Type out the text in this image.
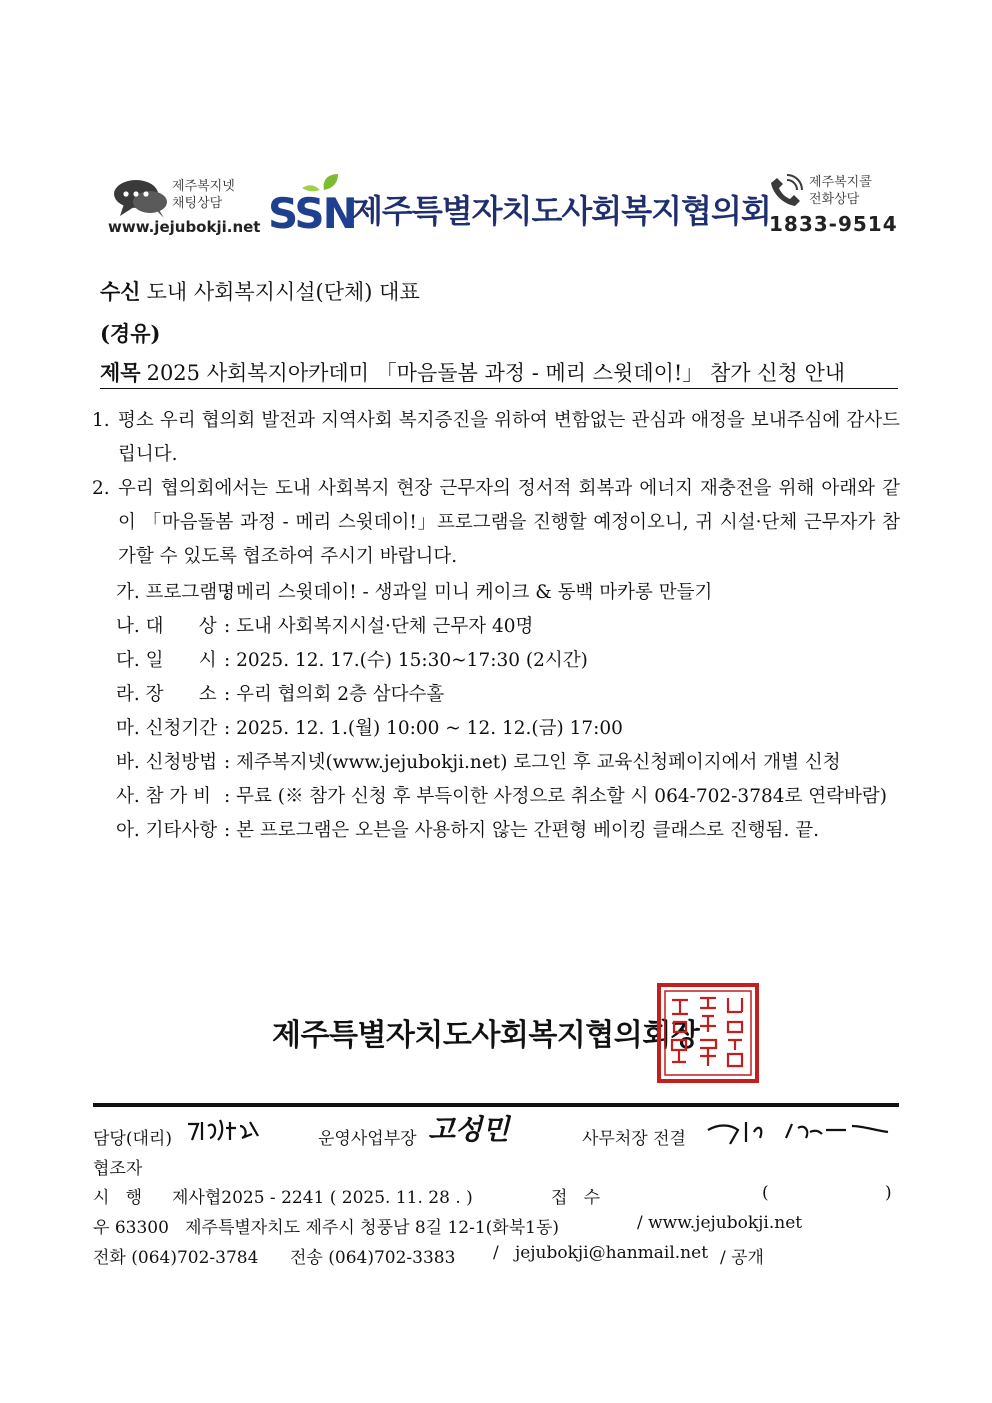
제주복지넷
채팅상담
www.jejubokji.net SSN
제주특별자치도사회복지협의회
제주복지콜
전화상담
1833-9514
수신 도내 사회복지시설(단체) 대표
(경유)
제목 2025 사회복지아카데미 「마음돌봄 과정 - 메리 스윗데이!」 참가 신청 안내
1. 평소 우리 협의회 발전과 지역사회 복지증진을 위하여 변함없는 관심과 애정을 보내주심에 감사드립니다.
2. 우리 협의회에서는 도내 사회복지 현장 근무자의 정서적 회복과 에너지 재충전을 위해 아래와 같이 「마음돌봄 과정 - 메리 스윗데이!」프로그램을 진행할 예정이오니, 귀 시설·단체 근무자가 참가할 수 있도록 협조하여 주시기 바랍니다.
가. 프로그램명: 메리 스윗데이! - 생과일 미니 케이크 & 동백 마카롱 만들기
나. 대      상 : 도내 사회복지시설·단체 근무자 40명
다. 일      시 : 2025. 12. 17.(수) 15:30~17:30 (2시간)
라. 장      소 : 우리 협의회 2층 삼다수홀
마. 신청기간 : 2025. 12. 1.(월) 10:00 ~ 12. 12.(금) 17:00
바. 신청방법 : 제주복지넷(www.jejubokji.net) 로그인 후 교육신청페이지에서 개별 신청
사. 참 가 비 : 무료 (※ 참가 신청 후 부득이한 사정으로 취소할 시 064-702-3784로 연락바람)
아. 기타사항 : 본 프로그램은 오븐을 사용하지 않는 간편형 베이킹 클래스로 진행됨. 끝.
제주특별자치도사회복지협의회장
담당(대리)	운영사업부장 고성민	사무처장 전결
협조자
시   행 제사협2025 - 2241 ( 2025. 11. 28 . )	접   수	(	)
우 63300   제주특별자치도 제주시 청풍남 8길 12-1(화북1동)	/ www.jejubokji.net
전화 (064)702-3784 전송 (064)702-3383 /   jejubokji@hanmail.net / 공개
